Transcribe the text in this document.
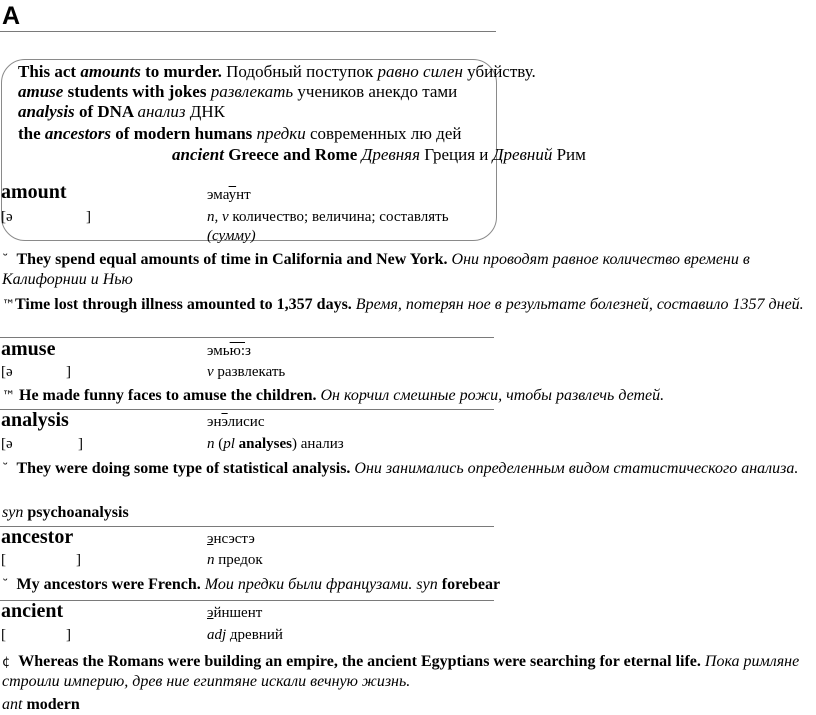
A
This act amounts to murder. Подобный поступок равно силен убийству.
amuse students with jokes развлекать учеников анекдо тами
analysis of DNA анализ ДНК
the ancestors of modern humans предки современных лю дей
ancient Greece and Rome Древняя Греция и Древний Рим
amount	эмаунт
[ə	]	n, v количество; величина; составлять
(сумму)
˘ They spend equal amounts of time in California and New York. Они проводят равное количество времени в Калифорнии и Нью
™Time lost through illness amounted to 1,357 days. Время, потерян ное в результате болезней, составило 1357 дней.
amuse	эмью:з
[ə	]	v развлекать
™ He made funny faces to amuse the children. Он корчил смешные рожи, чтобы развлечь детей.
analysis	энэлисис
[ə	]	n (pl analyses) анализ
˘ They were doing some type of statistical analysis. Они занимались определенным видом статистического анализа.
syn psychoanalysis
ancestor	энсэстэ
[	]	n предок
˘ My ancestors were French. Мои предки были французами. syn forebear
ancient	эйншент
[	]	adj древний
¢ Whereas the Romans were building an empire, the ancient Egyptians were searching for eternal life. Пока римляне строили империю, древ ние египтяне искали вечную жизнь.
ant modern
